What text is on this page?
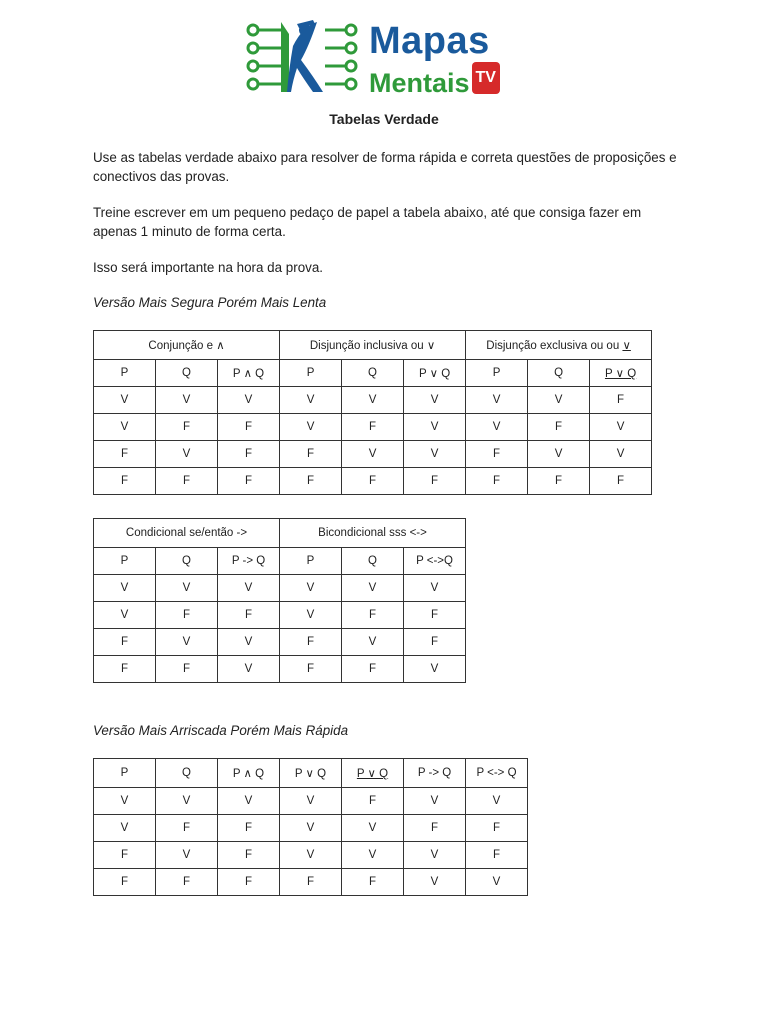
Mapas
Mentais TV
Tabelas Verdade

Use as tabelas verdade abaixo para resolver de forma rápida e correta questões de proposições e conectivos das provas.

Treine escrever em um pequeno pedaço de papel a tabela abaixo, até que consiga fazer em apenas 1 minuto de forma certa.

Isso será importante na hora da prova.

Versão Mais Segura Porém Mais Lenta

Conjunção e ∧			Disjunção inclusiva ou ∨			Disjunção exclusiva ou ou ∨		
P	Q	P ∧ Q	P	Q	P ∨ Q	P	Q	P ∨ Q
V	V	V	V	V	V	V	V	F
V	F	F	V	F	V	V	F	V
F	V	F	F	V	V	F	V	V
F	F	F	F	F	F	F	F	F
Condicional se/então ->			Bicondicional sss <->		
P	Q	P -> Q	P	Q	P <->Q
V	V	V	V	V	V
V	F	F	V	F	F
F	V	V	F	V	F
F	F	V	F	F	V

Versão Mais Arriscada Porém Mais Rápida

P	Q	P ∧ Q	P ∨ Q	P ∨ Q	P -> Q	P <-> Q
V	V	V	V	F	V	V
V	F	F	V	V	F	F
F	V	F	V	V	V	F
F	F	F	F	F	V	V
